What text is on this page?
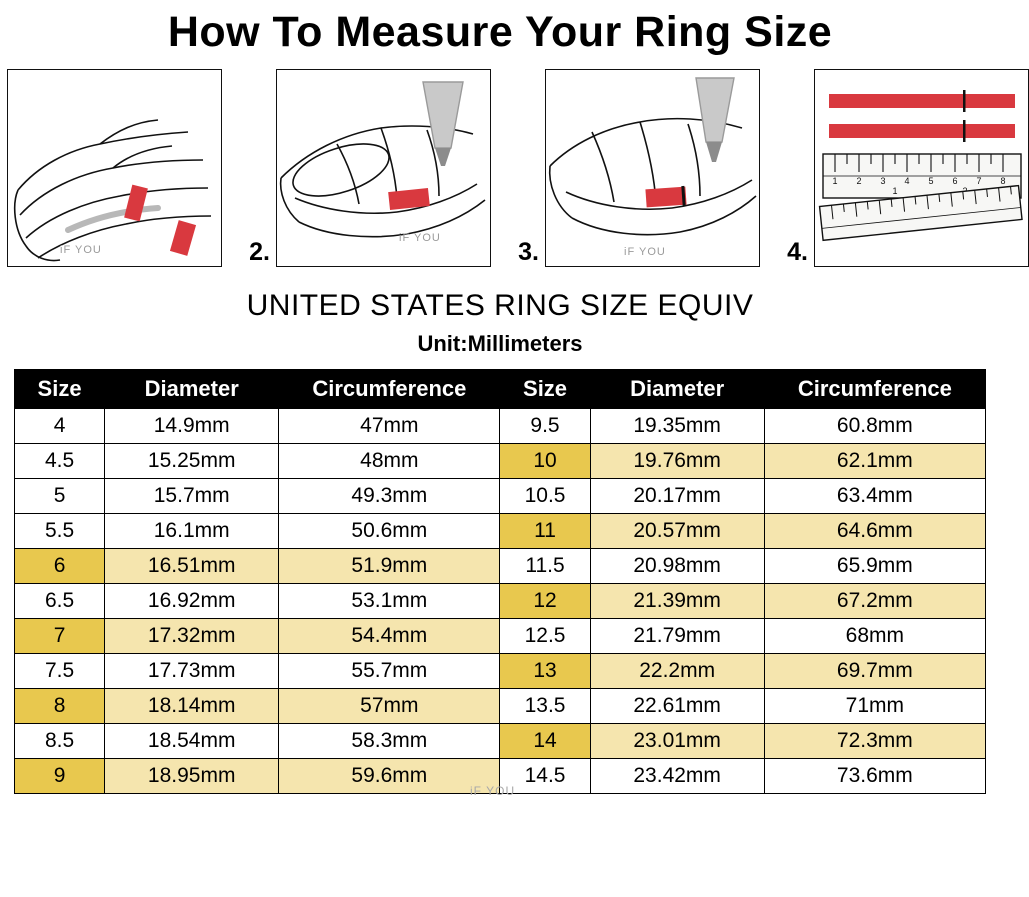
How To Measure Your Ring Size
iF YOU	2.	iF YOU	3.	iF YOU	4.
1 2 3 4 5 6 7 8
1
UNITED STATES RING SIZE EQUIV
Unit:Millimeters
Size	Diameter	Circumference	Size	Diameter	Circumference
4	14.9mm	47mm	9.5	19.35mm	60.8mm
4.5	15.25mm	48mm	10	19.76mm	62.1mm
5	15.7mm	49.3mm	10.5	20.17mm	63.4mm
5.5	16.1mm	50.6mm	11	20.57mm	64.6mm
6	16.51mm	51.9mm	11.5	20.98mm	65.9mm
6.5	16.92mm	53.1mm	12	21.39mm	67.2mm
7	17.32mm	54.4mm	12.5	21.79mm	68mm
7.5	17.73mm	55.7mm	13	22.2mm	69.7mm
8	18.14mm	57mm	13.5	22.61mm	71mm
8.5	18.54mm	58.3mm	14	23.01mm	72.3mm
9	18.95mm	59.6mm	14.5	23.42mm	73.6mm
iF YOU
